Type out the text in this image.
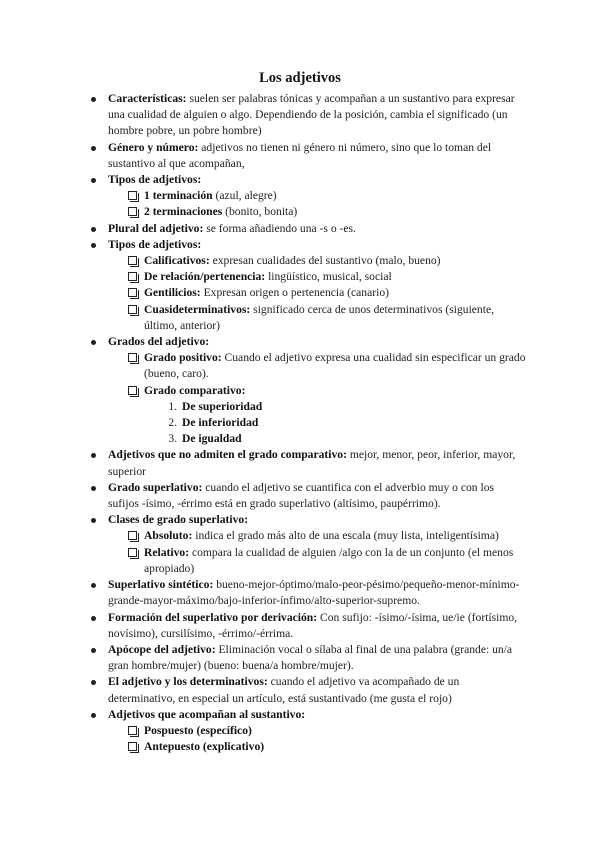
Los adjetivos
Características: suelen ser palabras tónicas y acompañan a un sustantivo para expresar una cualidad de alguien o algo. Dependiendo de la posición, cambia el significado (un hombre pobre, un pobre hombre)
Género y número: adjetivos no tienen ni género ni número, sino que lo toman del sustantivo al que acompañan,
Tipos de adjetivos:
1 terminación (azul, alegre)
2 terminaciones (bonito, bonita)
Plural del adjetivo: se forma añadiendo una -s o -es.
Tipos de adjetivos:
Calificativos: expresan cualidades del sustantivo (malo, bueno)
De relación/pertenencia: lingüístico, musical, social
Gentilicios: Expresan origen o pertenencia (canario)
Cuasideterminativos: significado cerca de unos determinativos (siguiente, último, anterior)
Grados del adjetivo:
Grado positivo: Cuando el adjetivo expresa una cualidad sin especificar un grado (bueno, caro).
Grado comparativo:
1. De superioridad
2. De inferioridad
3. De igualdad
Adjetivos que no admiten el grado comparativo: mejor, menor, peor, inferior, mayor, superior
Grado superlativo: cuando el adjetivo se cuantifica con el adverbio muy o con los sufijos -ísimo, -érrimo está en grado superlativo (altísimo, paupérrimo).
Clases de grado superlativo:
Absoluto: indica el grado más alto de una escala (muy lista, inteligentísima)
Relativo: compara la cualidad de alguien /algo con la de un conjunto (el menos apropiado)
Superlativo sintético: bueno-mejor-óptimo/malo-peor-pésimo/pequeño-menor-mínimo-grande-mayor-máximo/bajo-inferior-ínfimo/alto-superior-supremo.
Formación del superlativo por derivación: Con sufijo: -ísimo/-ísima, ue/ie (fortísimo, novísimo), cursilísimo, -érrimo/-érrima.
Apócope del adjetivo: Eliminación vocal o sílaba al final de una palabra (grande: un/a gran hombre/mujer) (bueno: buena/a hombre/mujer).
El adjetivo y los determinativos: cuando el adjetivo va acompañado de un determinativo, en especial un artículo, está sustantivado (me gusta el rojo)
Adjetivos que acompañan al sustantivo:
Pospuesto (específico)
Antepuesto (explicativo)
